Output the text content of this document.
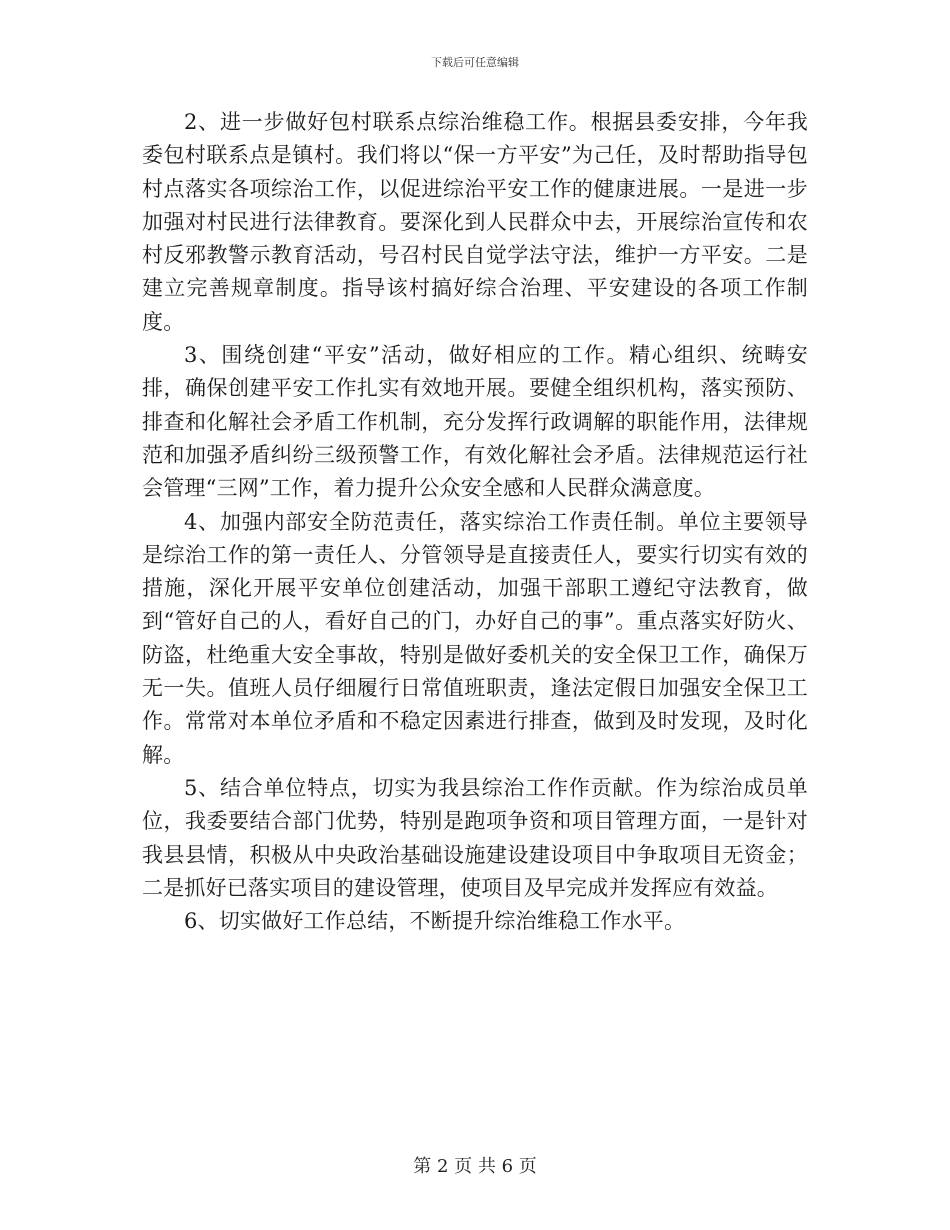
下载后可任意编辑

2、进一步做好包村联系点综治维稳工作。根据县委安排，今年我委包村联系点是镇村。我们将以“保一方平安”为己任，及时帮助指导包村点落实各项综治工作，以促进综治平安工作的健康进展。一是进一步加强对村民进行法律教育。要深化到人民群众中去，开展综治宣传和农村反邪教警示教育活动，号召村民自觉学法守法，维护一方平安。二是建立完善规章制度。指导该村搞好综合治理、平安建设的各项工作制度。

3、围绕创建“平安”活动，做好相应的工作。精心组织、统畴安排，确保创建平安工作扎实有效地开展。要健全组织机构，落实预防、排查和化解社会矛盾工作机制，充分发挥行政调解的职能作用，法律规范和加强矛盾纠纷三级预警工作，有效化解社会矛盾。法律规范运行社会管理“三网”工作，着力提升公众安全感和人民群众满意度。

4、加强内部安全防范责任，落实综治工作责任制。单位主要领导是综治工作的第一责任人、分管领导是直接责任人，要实行切实有效的措施，深化开展平安单位创建活动，加强干部职工遵纪守法教育，做到“管好自己的人，看好自己的门，办好自己的事”。重点落实好防火、防盗，杜绝重大安全事故，特别是做好委机关的安全保卫工作，确保万无一失。值班人员仔细履行日常值班职责，逢法定假日加强安全保卫工作。常常对本单位矛盾和不稳定因素进行排查，做到及时发现，及时化解。

5、结合单位特点，切实为我县综治工作作贡献。作为综治成员单位，我委要结合部门优势，特别是跑项争资和项目管理方面，一是针对我县县情，积极从中央政治基础设施建设建设项目中争取项目无资金；二是抓好已落实项目的建设管理，使项目及早完成并发挥应有效益。

6、切实做好工作总结，不断提升综治维稳工作水平。

第 2 页 共 6 页
